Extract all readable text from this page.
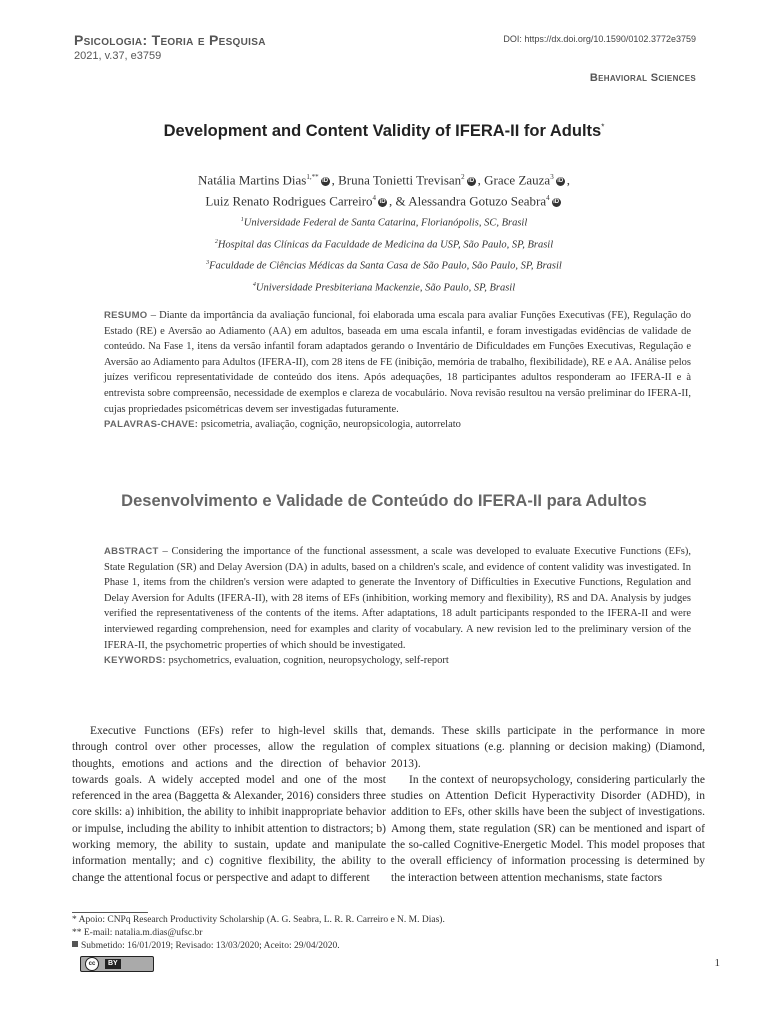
Psicologia: Teoria e Pesquisa
2021, v.37, e3759
DOI: https://dx.doi.org/10.1590/0102.3772e3759
Behavioral Sciences
Development and Content Validity of IFERA-II for Adults*
Natália Martins Dias$^{1,**}$ iD , Bruna Tonietti Trevisan$^2$ iD , Grace Zauza$^3$ iD ,
Luiz Renato Rodrigues Carreiro$^4$ iD , & Alessandra Gotuzo Seabra$^4$ iD
$^1$Universidade Federal de Santa Catarina, Florianópolis, SC, Brasil
$^2$Hospital das Clínicas da Faculdade de Medicina da USP, São Paulo, SP, Brasil
$^3$Faculdade de Ciências Médicas da Santa Casa de São Paulo, São Paulo, SP, Brasil
$^4$Universidade Presbiteriana Mackenzie, São Paulo, SP, Brasil
RESUMO – Diante da importância da avaliação funcional, foi elaborada uma escala para avaliar Funções Executivas (FE), Regulação do Estado (RE) e Aversão ao Adiamento (AA) em adultos, baseada em uma escala infantil, e foram investigadas evidências de validade de conteúdo. Na Fase 1, itens da versão infantil foram adaptados gerando o Inventário de Dificuldades em Funções Executivas, Regulação e Aversão ao Adiamento para Adultos (IFERA-II), com 28 itens de FE (inibição, memória de trabalho, flexibilidade), RE e AA. Análise pelos juízes verificou representatividade de conteúdo dos itens. Após adequações, 18 participantes adultos responderam ao IFERA-II e à entrevista sobre compreensão, necessidade de exemplos e clareza de vocabulário. Nova revisão resultou na versão preliminar do IFERA-II, cujas propriedades psicométricas devem ser investigadas futuramente.
PALAVRAS-CHAVE: psicometria, avaliação, cognição, neuropsicologia, autorrelato
Desenvolvimento e Validade de Conteúdo do IFERA-II para Adultos
ABSTRACT – Considering the importance of the functional assessment, a scale was developed to evaluate Executive Functions (EFs), State Regulation (SR) and Delay Aversion (DA) in adults, based on a children's scale, and evidence of content validity was investigated. In Phase 1, items from the children's version were adapted to generate the Inventory of Difficulties in Executive Functions, Regulation and Delay Aversion for Adults (IFERA-II), with 28 items of EFs (inhibition, working memory and flexibility), RS and DA. Analysis by judges verified the representativeness of the contents of the items. After adaptations, 18 adult participants responded to the IFERA-II and were interviewed regarding comprehension, need for examples and clarity of vocabulary. A new revision led to the preliminary version of the IFERA-II, the psychometric properties of which should be investigated.
KEYWORDS: psychometrics, evaluation, cognition, neuropsychology, self-report

Executive Functions (EFs) refer to high-level skills that, through control over other processes, allow the regulation of thoughts, emotions and actions and the direction of behavior towards goals. A widely accepted model and one of the most referenced in the area (Baggetta & Alexander, 2016) considers three core skills: a) inhibition, the ability to inhibit inappropriate behavior or impulse, including the ability to inhibit attention to distractors; b) working memory, the ability to sustain, update and manipulate information mentally; and c) cognitive flexibility, the ability to change the attentional focus or perspective and adapt to different

demands. These skills participate in the performance in more complex situations (e.g. planning or decision making) (Diamond, 2013).

In the context of neuropsychology, considering particularly the studies on Attention Deficit Hyperactivity Disorder (ADHD), in addition to EFs, other skills have been the subject of investigations. Among them, state regulation (SR) can be mentioned and ispart of the so-called Cognitive-Energetic Model. This model proposes that the overall efficiency of information processing is determined by the interaction between attention mechanisms, state factors

* Apoio: CNPq Research Productivity Scholarship (A. G. Seabra, L. R. R. Carreiro e N. M. Dias).
** E-mail: natalia.m.dias@ufsc.br
Submetido: 16/01/2019; Revisado: 13/03/2020; Aceito: 29/04/2020.
cc	BY	1
